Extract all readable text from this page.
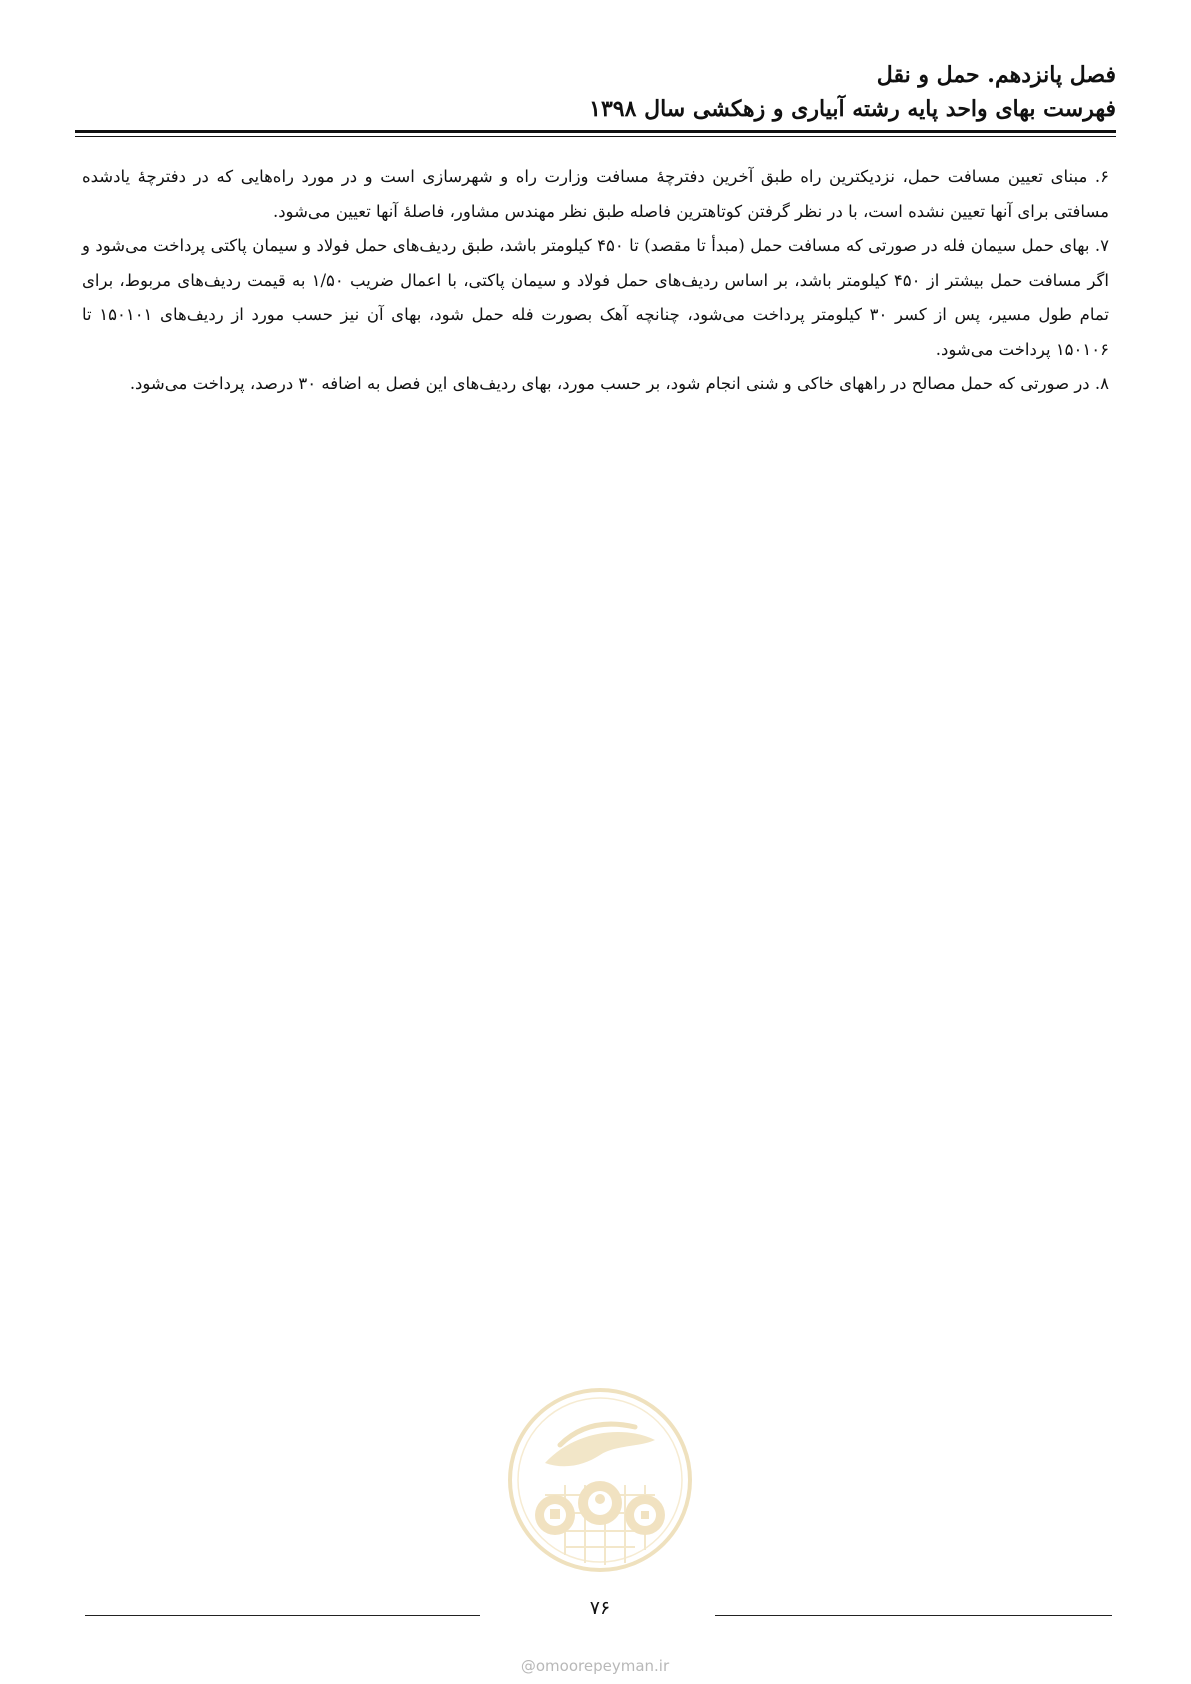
فصل پانزدهم. حمل و نقل
فهرست بهای واحد پایه رشته آبیاری و زهکشی سال ۱۳۹۸

۶. مبنای تعیین مسافت حمل، نزدیکترین راه طبق آخرین دفترچهٔ مسافت وزارت راه و شهرسازی است و در مورد راه‌هایی که در دفترچهٔ یادشده مسافتی برای آنها تعیین نشده است، با در نظر گرفتن کوتاهترین فاصله طبق نظر مهندس مشاور، فاصلهٔ آنها تعیین می‌شود.

۷. بهای حمل سیمان فله در صورتی که مسافت حمل (مبدأ تا مقصد) تا ۴۵۰ کیلومتر باشد، طبق ردیف‌های حمل فولاد و سیمان پاکتی پرداخت می‌شود و اگر مسافت حمل بیشتر از ۴۵۰ کیلومتر باشد، بر اساس ردیف‌های حمل فولاد و سیمان پاکتی، با اعمال ضریب ۱/۵۰ به قیمت ردیف‌های مربوط، برای تمام طول مسیر، پس از کسر ۳۰ کیلومتر پرداخت می‌شود، چنانچه آهک بصورت فله حمل شود، بهای آن نیز حسب مورد از ردیف‌های ۱۵۰۱۰۱ تا ۱۵۰۱۰۶ پرداخت می‌شود.

۸. در صورتی که حمل مصالح در راههای خاکی و شنی انجام شود، بر حسب مورد، بهای ردیف‌های این فصل به اضافه ۳۰ درصد، پرداخت می‌شود.

۷۶
@omoorepeyman.ir
